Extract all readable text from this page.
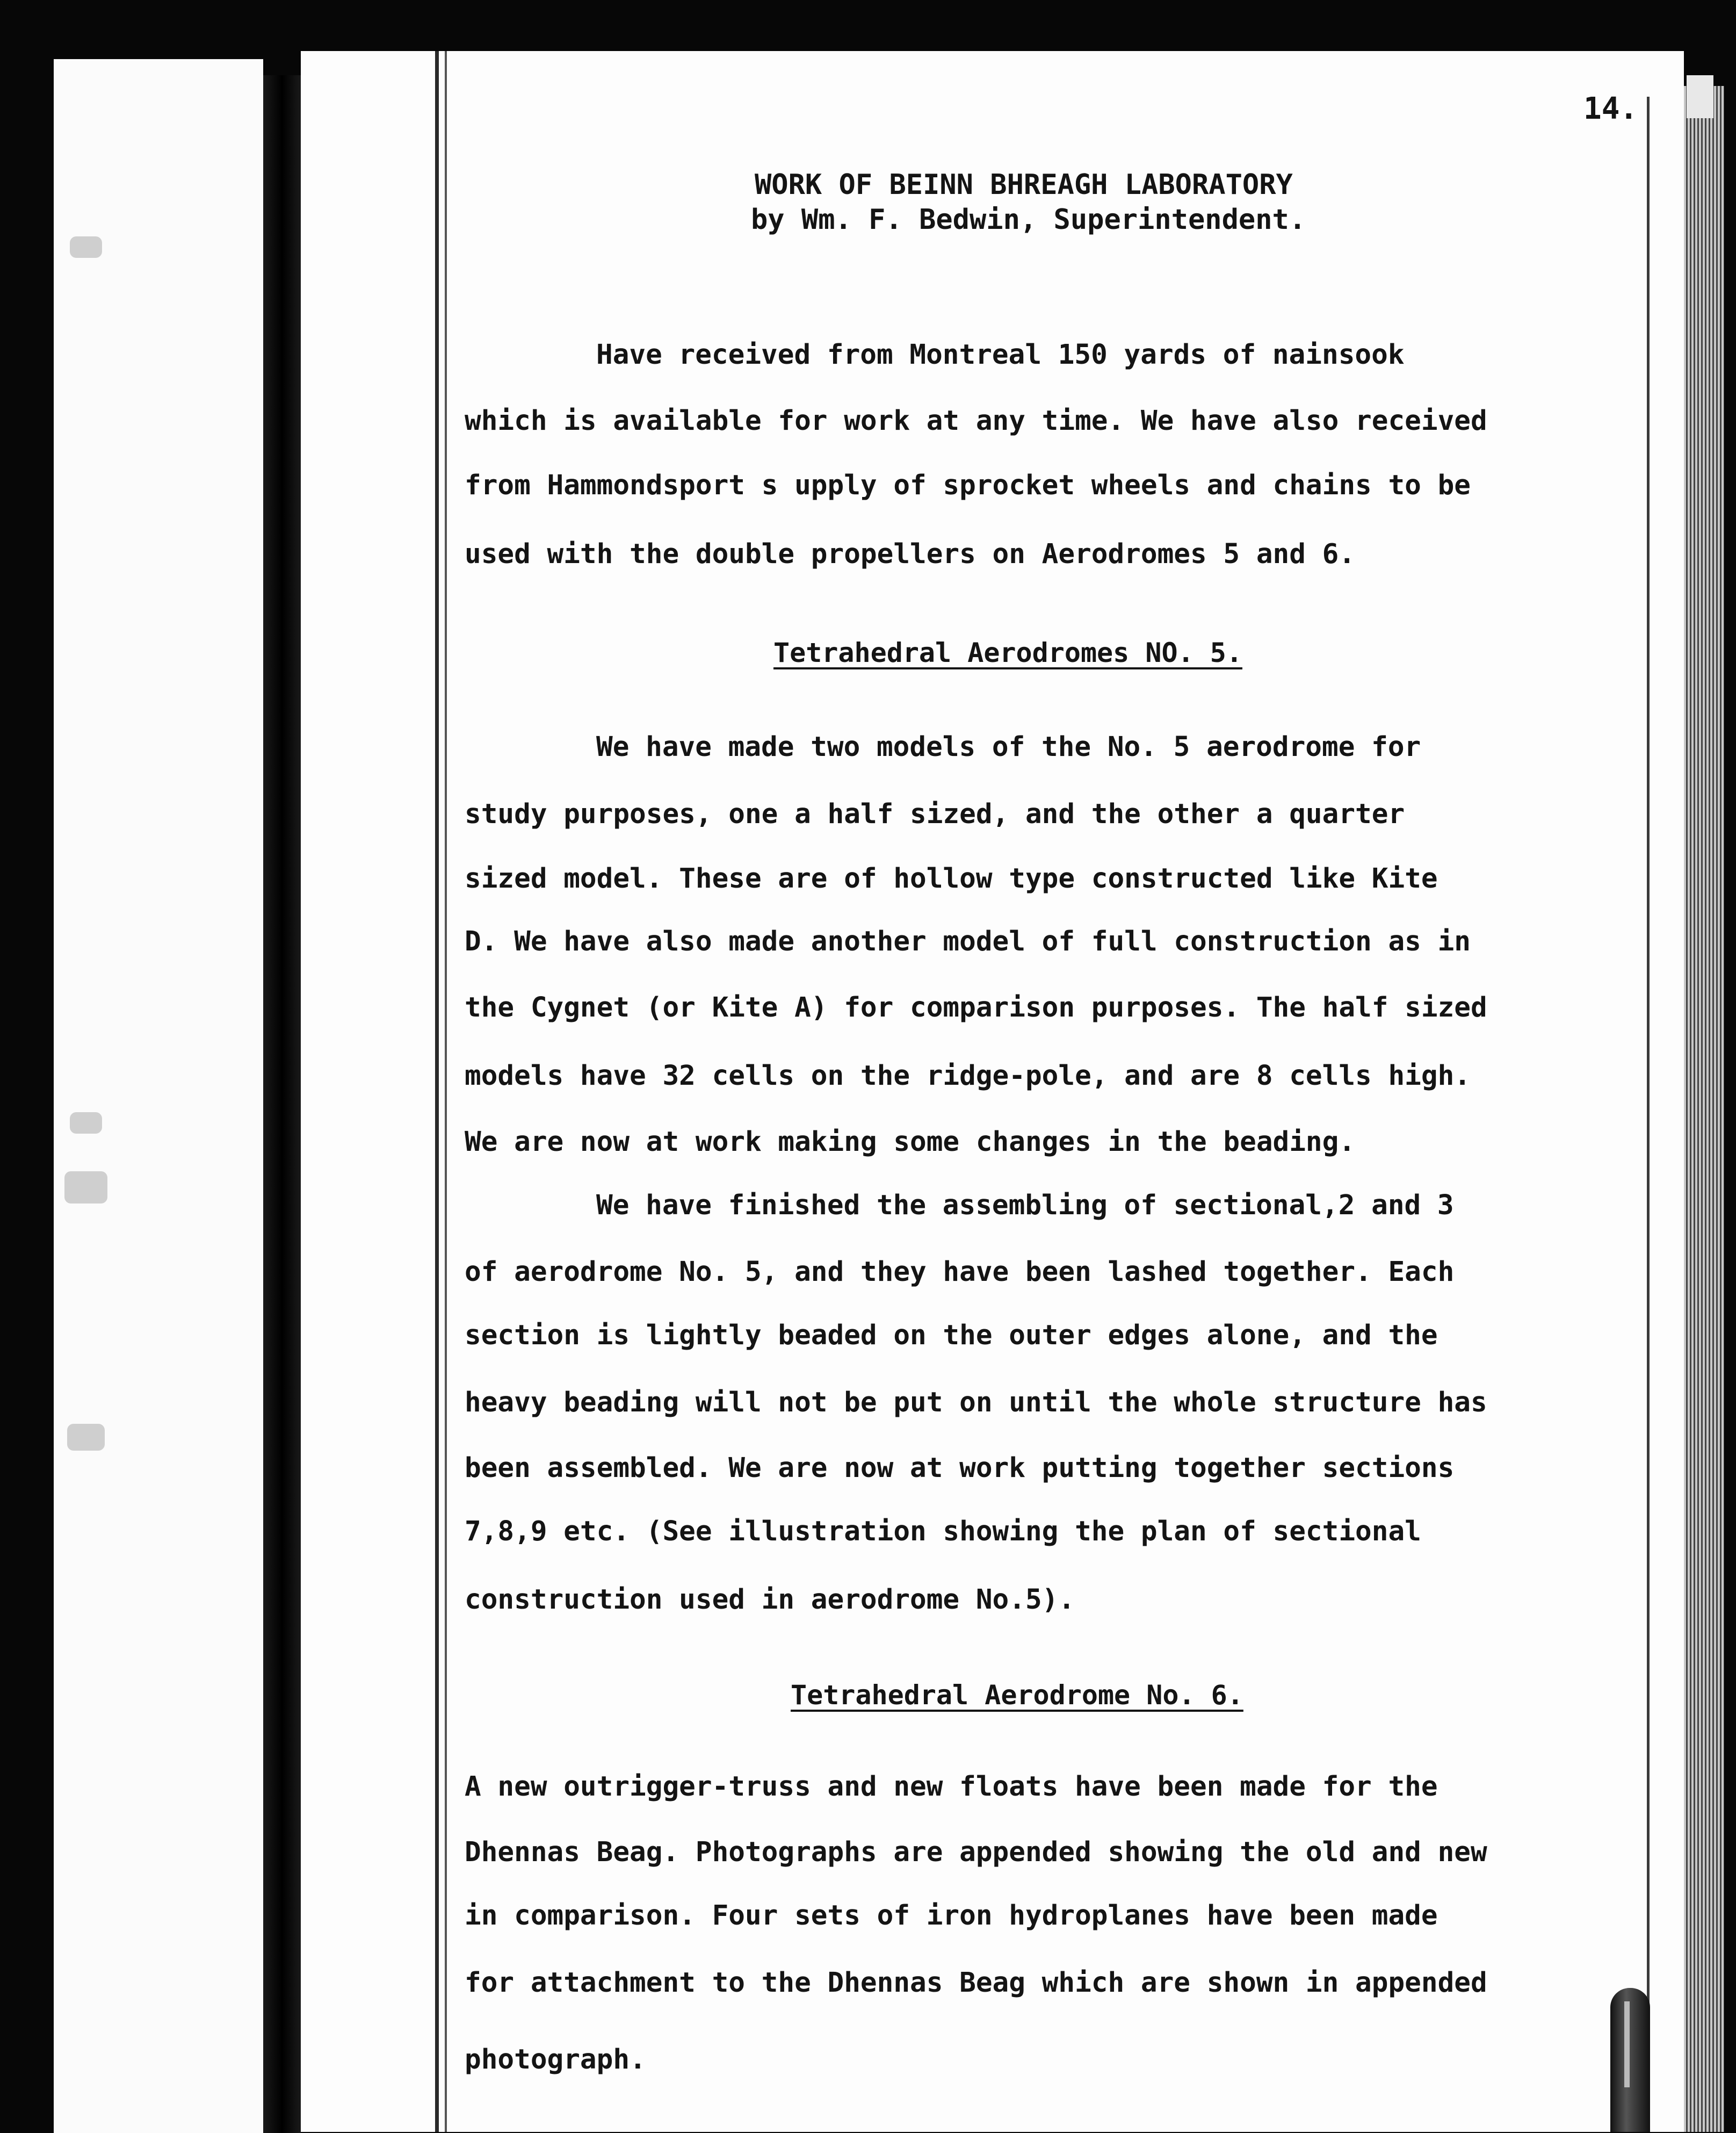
14.

WORK OF BEINN BHREAGH LABORATORY

by Wm. F. Bedwin, Superintendent.

Have received from Montreal 150 yards of nainsook

which is available for work at any time. We have also received

from Hammondsport s upply of sprocket wheels and chains to be

used with the double propellers on Aerodromes 5 and 6.

Tetrahedral Aerodromes NO. 5.

We have made two models of the No. 5 aerodrome for

study purposes, one a half sized, and the other a quarter

sized model. These are of hollow type constructed like Kite

D. We have also made another model of full construction as in

the Cygnet (or Kite A) for comparison purposes. The half sized

models have 32 cells on the ridge-pole, and are 8 cells high.

We are now at work making some changes in the beading.

We have finished the assembling of sectional,2 and 3

of aerodrome No. 5, and they have been lashed together. Each

section is lightly beaded on the outer edges alone, and the

heavy beading will not be put on until the whole structure has

been assembled. We are now at work putting together sections

7,8,9 etc. (See illustration showing the plan of sectional

construction used in aerodrome No.5).

Tetrahedral Aerodrome No. 6.

A new outrigger-truss and new floats have been made for the

Dhennas Beag. Photographs are appended showing the old and new

in comparison. Four sets of iron hydroplanes have been made

for attachment to the Dhennas Beag which are shown in appended

photograph.
